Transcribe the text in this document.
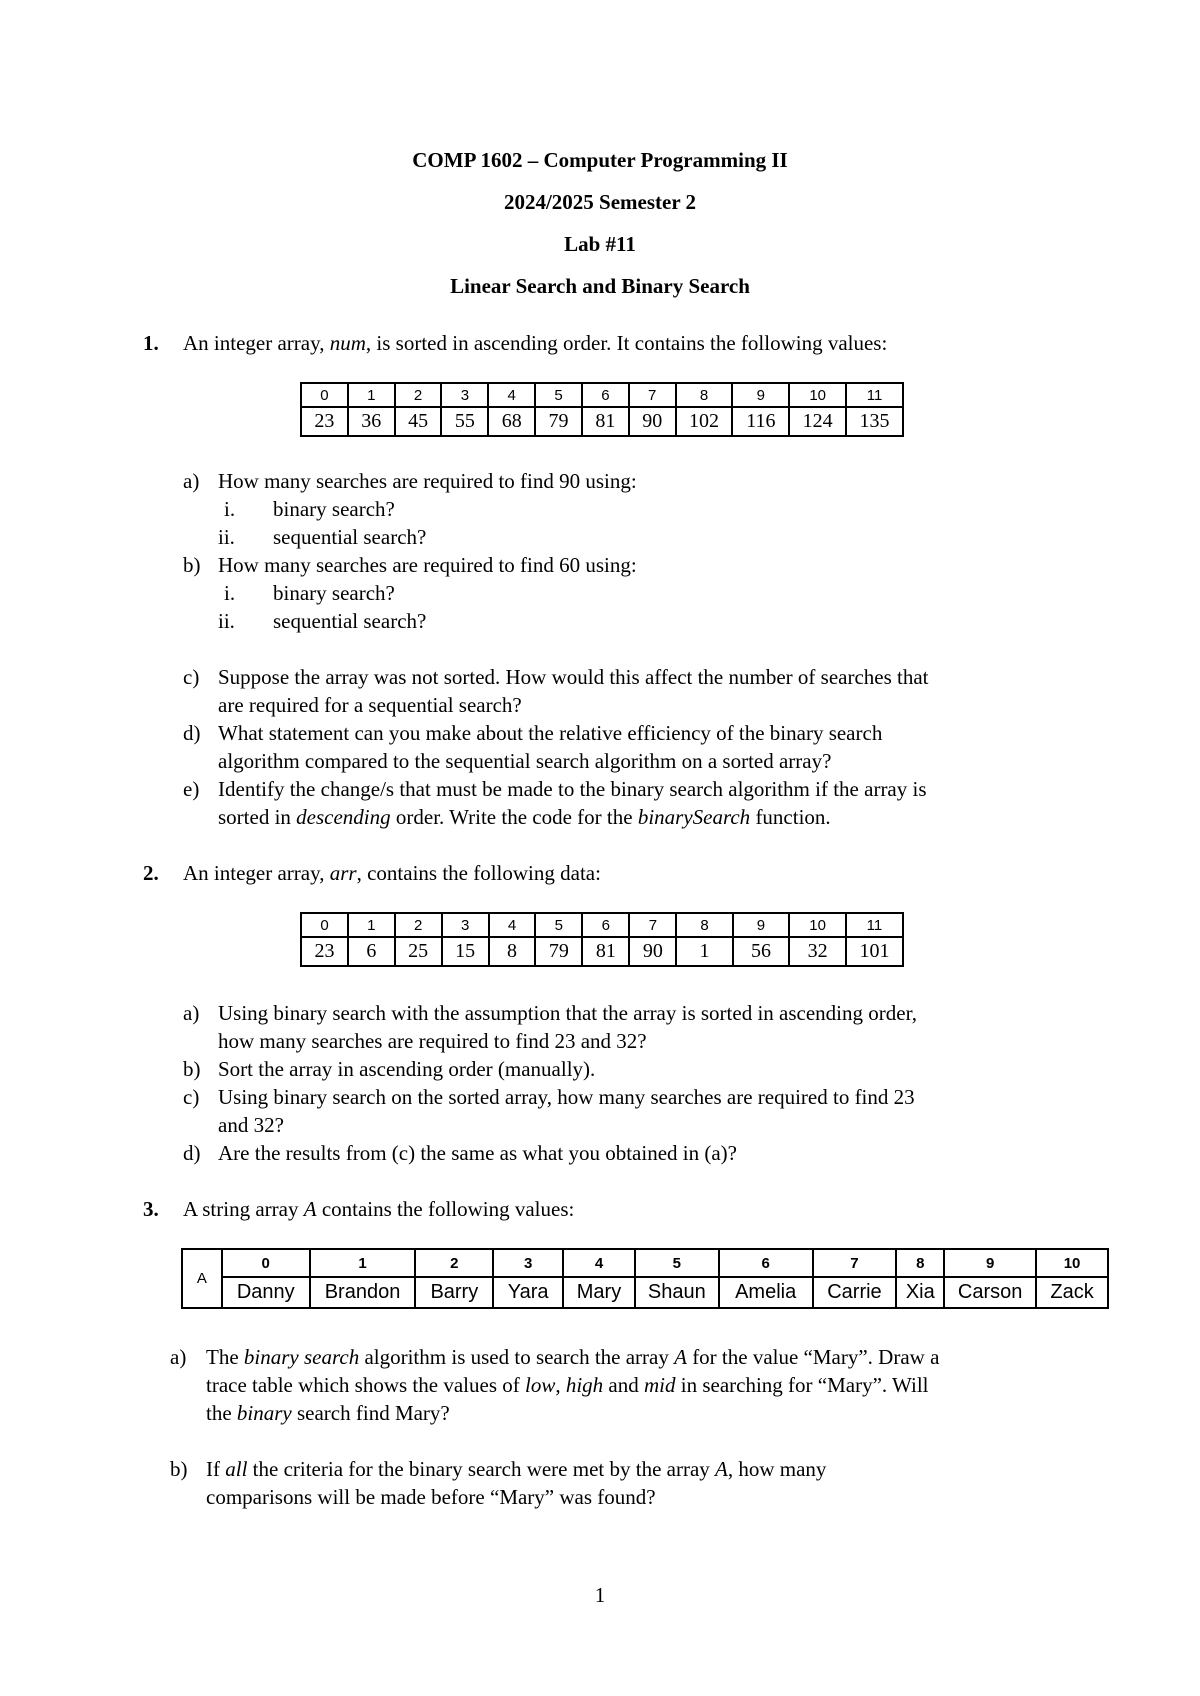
COMP 1602 – Computer Programming II
2024/2025 Semester 2
Lab #11
Linear Search and Binary Search
1. An integer array, num, is sorted in ascending order. It contains the following values:
0	1	2	3	4	5	6	7	8	9	10	11
23	36	45	55	68	79	81	90	102	116	124	135
a) How many searches are required to find 90 using:
i. binary search?
ii. sequential search?
b) How many searches are required to find 60 using:
i. binary search?
ii. sequential search?
c) Suppose the array was not sorted. How would this affect the number of searches that
are required for a sequential search?
d) What statement can you make about the relative efficiency of the binary search
algorithm compared to the sequential search algorithm on a sorted array?
e) Identify the change/s that must be made to the binary search algorithm if the array is
sorted in descending order. Write the code for the binarySearch function.
2. An integer array, arr, contains the following data:
0	1	2	3	4	5	6	7	8	9	10	11
23	6	25	15	8	79	81	90	1	56	32	101
a) Using binary search with the assumption that the array is sorted in ascending order,
how many searches are required to find 23 and 32?
b) Sort the array in ascending order (manually).
c) Using binary search on the sorted array, how many searches are required to find 23
and 32?
d) Are the results from (c) the same as what you obtained in (a)?
3. A string array A contains the following values:
A	0	1	2	3	4	5	6	7	8	9	10
	Danny	Brandon	Barry	Yara	Mary	Shaun	Amelia	Carrie	Xia	Carson	Zack
a) The binary search algorithm is used to search the array A for the value “Mary”. Draw a
trace table which shows the values of low, high and mid in searching for “Mary”. Will
the binary search find Mary?
b) If all the criteria for the binary search were met by the array A, how many
comparisons will be made before “Mary” was found?
1
